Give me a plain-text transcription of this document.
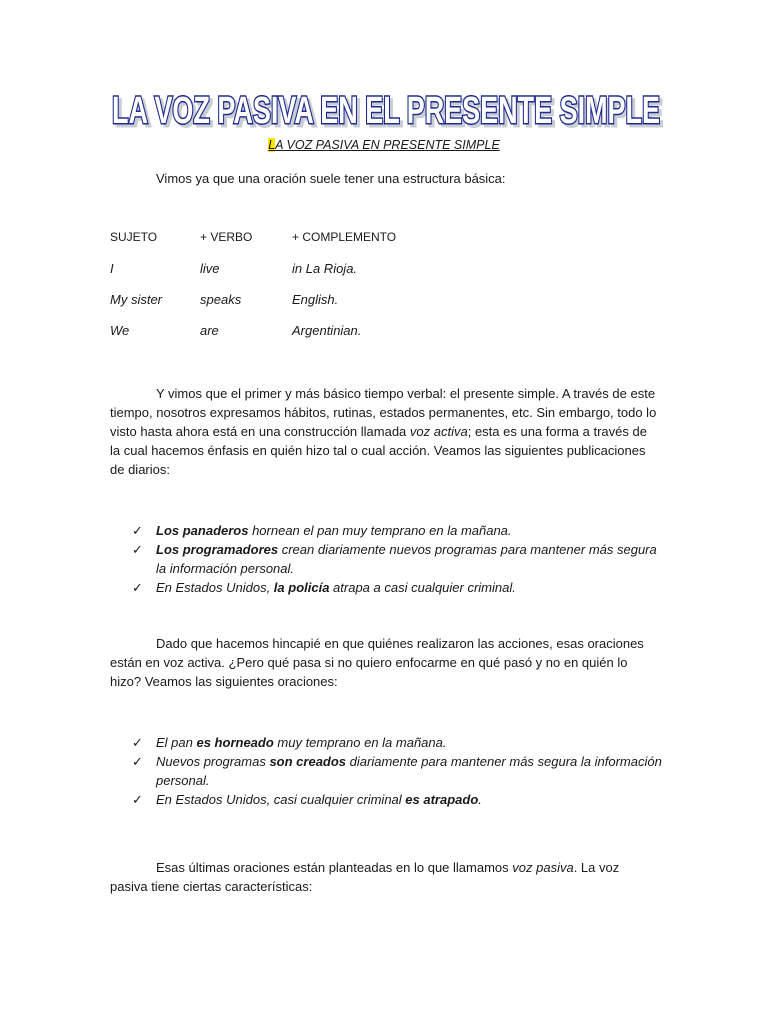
LA VOZ PASIVA EN EL PRESENTE SIMPLE
LA VOZ PASIVA EN EL PRESENTE SIMPLE
LA VOZ PASIVA EN PRESENTE SIMPLE
Vimos ya que una oración suele tener una estructura básica:
SUJETO	+ VERBO	+ COMPLEMENTO
I	live	in La Rioja.
My sister	speaks	English.
We	are	Argentinian.
Y vimos que el primer y más básico tiempo verbal: el presente simple. A través de este tiempo, nosotros expresamos hábitos, rutinas, estados permanentes, etc. Sin embargo, todo lo visto hasta ahora está en una construcción llamada voz activa; esta es una forma a través de la cual hacemos énfasis en quién hizo tal o cual acción. Veamos las siguientes publicaciones de diarios:
✓ Los panaderos hornean el pan muy temprano en la mañana.
✓ Los programadores crean diariamente nuevos programas para mantener más segura la información personal.
✓ En Estados Unidos, la policía atrapa a casi cualquier criminal.
Dado que hacemos hincapié en que quiénes realizaron las acciones, esas oraciones están en voz activa. ¿Pero qué pasa si no quiero enfocarme en qué pasó y no en quién lo hizo? Veamos las siguientes oraciones:
✓ El pan es horneado muy temprano en la mañana.
✓ Nuevos programas son creados diariamente para mantener más segura la información personal.
✓ En Estados Unidos, casi cualquier criminal es atrapado.
Esas últimas oraciones están planteadas en lo que llamamos voz pasiva. La voz pasiva tiene ciertas características:
